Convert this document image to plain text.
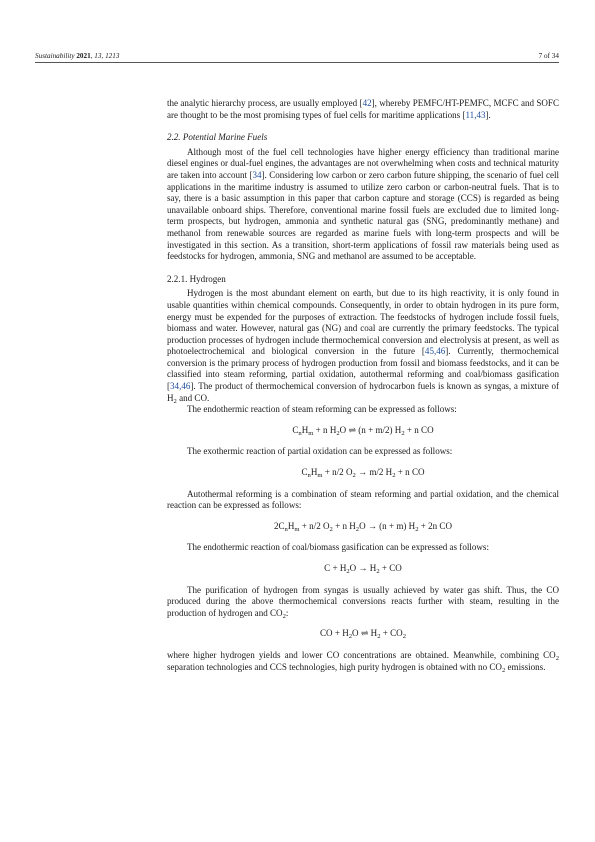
Sustainability 2021, 13, 1213	7 of 34

the analytic hierarchy process, are usually employed [42], whereby PEMFC/HT-PEMFC, MCFC and SOFC are thought to be the most promising types of fuel cells for maritime applications [11,43].

2.2. Potential Marine Fuels

Although most of the fuel cell technologies have higher energy efficiency than traditional marine diesel engines or dual-fuel engines, the advantages are not overwhelming when costs and technical maturity are taken into account [34]. Considering low carbon or zero carbon future shipping, the scenario of fuel cell applications in the maritime industry is assumed to utilize zero carbon or carbon-neutral fuels. That is to say, there is a basic assumption in this paper that carbon capture and storage (CCS) is regarded as being unavailable onboard ships. Therefore, conventional marine fossil fuels are excluded due to limited long-term prospects, but hydrogen, ammonia and synthetic natural gas (SNG, predominantly methane) and methanol from renewable sources are regarded as marine fuels with long-term prospects and will be investigated in this section. As a transition, short-term applications of fossil raw materials being used as feedstocks for hydrogen, ammonia, SNG and methanol are assumed to be acceptable.

2.2.1. Hydrogen

Hydrogen is the most abundant element on earth, but due to its high reactivity, it is only found in usable quantities within chemical compounds. Consequently, in order to obtain hydrogen in its pure form, energy must be expended for the purposes of extraction. The feedstocks of hydrogen include fossil fuels, biomass and water. However, natural gas (NG) and coal are currently the primary feedstocks. The typical production processes of hydrogen include thermochemical conversion and electrolysis at present, as well as photoelectrochemical and biological conversion in the future [45,46]. Currently, thermochemical conversion is the primary process of hydrogen production from fossil and biomass feedstocks, and it can be classified into steam reforming, partial oxidation, autothermal reforming and coal/biomass gasification [34,46]. The product of thermochemical conversion of hydrocarbon fuels is known as syngas, a mixture of $H_2$ and CO.

The endothermic reaction of steam reforming can be expressed as follows:

$C_nH_m + n$ $H_2O$ ⇌ (n + m/2) $H_2 + n$ CO

The exothermic reaction of partial oxidation can be expressed as follows:

$C_nH_m + n/2$ $O_2 \to m/2$ $H_2 + n$ CO

Autothermal reforming is a combination of steam reforming and partial oxidation, and the chemical reaction can be expressed as follows:

$2C_nH_m + n/2$ $O_2 + n$ $H_2O \to (n + m) H_2 + 2n$ CO

The endothermic reaction of coal/biomass gasification can be expressed as follows:

$C + H_2O \to H_2$ + CO

The purification of hydrogen from syngas is usually achieved by water gas shift. Thus, the CO produced during the above thermochemical conversions reacts further with steam, resulting in the production of hydrogen and $CO_2$:

CO + $H_2O$ ⇌ $H_2 + CO_2$

where higher hydrogen yields and lower CO concentrations are obtained. Meanwhile, combining $CO_2$ separation technologies and CCS technologies, high purity hydrogen is obtained with no $CO_2$ emissions.
